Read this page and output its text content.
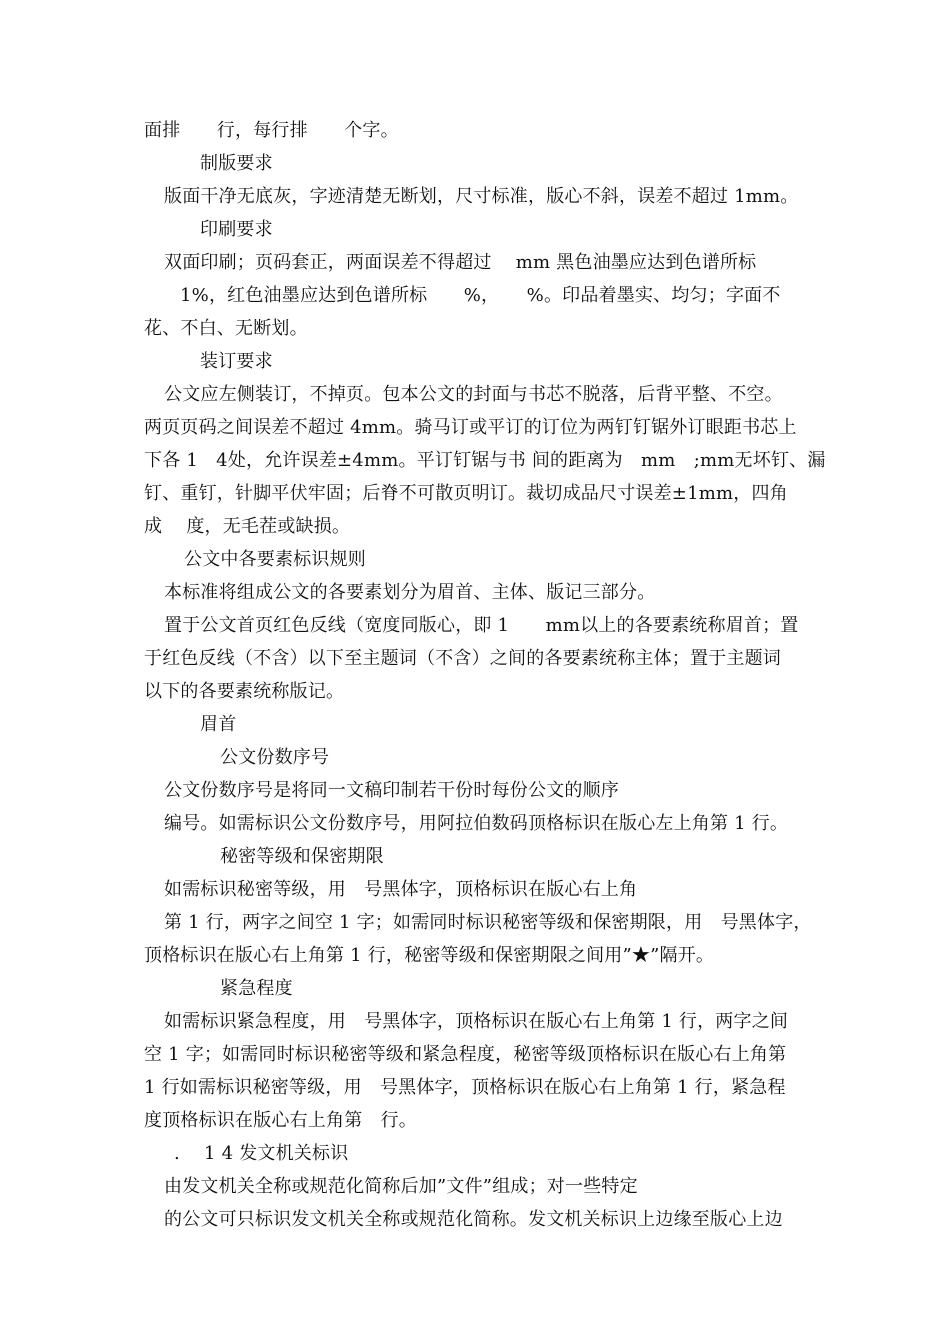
面排　　行，每行排　　个字。
制版要求
版面干净无底灰，字迹清楚无断划，尺寸标准，版心不斜，误差不超过 1mm。
印刷要求
双面印刷；页码套正，两面误差不得超过　 mm 黑色油墨应达到色谱所标
1%，红色油墨应达到色谱所标　　%，　　%。印品着墨实、均匀；字面不
花、不白、无断划。
装订要求
公文应左侧装订，不掉页。包本公文的封面与书芯不脱落，后背平整、不空。
两页页码之间误差不超过 4mm。骑马订或平订的订位为两钉钉锯外订眼距书芯上
下各 1　4处，允许误差±4mm。平订钉锯与书 间的距离为　mm　;mm无坏钉、漏
钉、重钉，针脚平伏牢固；后脊不可散页明订。裁切成品尺寸误差±1mm，四角
成　 度，无毛茬或缺损。
公文中各要素标识规则
本标准将组成公文的各要素划分为眉首、主体、版记三部分。
置于公文首页红色反线（宽度同版心，即 1　　mm以上的各要素统称眉首；置
于红色反线（不含）以下至主题词（不含）之间的各要素统称主体；置于主题词
以下的各要素统称版记。
眉首
公文份数序号
公文份数序号是将同一文稿印制若干份时每份公文的顺序
编号。如需标识公文份数序号，用阿拉伯数码顶格标识在版心左上角第 1 行。
秘密等级和保密期限
如需标识秘密等级，用　号黑体字，顶格标识在版心右上角
第 1 行，两字之间空 1 字；如需同时标识秘密等级和保密期限，用　号黑体字，
顶格标识在版心右上角第 1 行，秘密等级和保密期限之间用”★”隔开。
紧急程度
如需标识紧急程度，用　号黑体字，顶格标识在版心右上角第 1 行，两字之间
空 1 字；如需同时标识秘密等级和紧急程度，秘密等级顶格标识在版心右上角第
1 行如需标识秘密等级，用　号黑体字，顶格标识在版心右上角第 1 行，紧急程
度顶格标识在版心右上角第　行。
.　 1 4 发文机关标识
由发文机关全称或规范化简称后加”文件”组成；对一些特定
的公文可只标识发文机关全称或规范化简称。发文机关标识上边缘至版心上边
